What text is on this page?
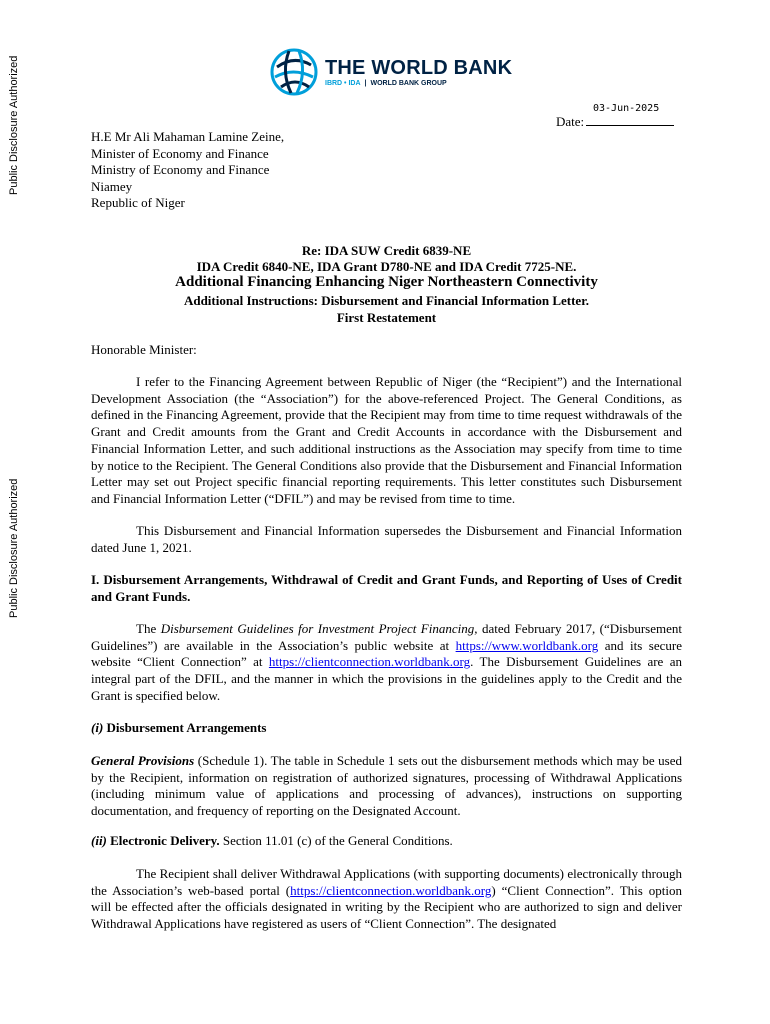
Public Disclosure Authorized
Public Disclosure Authorized
THE WORLD BANK
IBRD • IDA | WORLD BANK GROUP
03-Jun-2025
Date:
H.E Mr Ali Mahaman Lamine Zeine,
Minister of Economy and Finance
Ministry of Economy and Finance
Niamey
Republic of Niger
Re: IDA SUW Credit 6839-NE
IDA Credit 6840-NE, IDA Grant D780-NE and IDA Credit 7725-NE.
Additional Financing Enhancing Niger Northeastern Connectivity
Additional Instructions: Disbursement and Financial Information Letter.
First Restatement

Honorable Minister:

I refer to the Financing Agreement between Republic of Niger (the “Recipient”) and the International Development Association (the “Association”) for the above-referenced Project. The General Conditions, as defined in the Financing Agreement, provide that the Recipient may from time to time request withdrawals of the Grant and Credit amounts from the Grant and Credit Accounts in accordance with the Disbursement and Financial Information Letter, and such additional instructions as the Association may specify from time to time by notice to the Recipient. The General Conditions also provide that the Disbursement and Financial Information Letter may set out Project specific financial reporting requirements. This letter constitutes such Disbursement and Financial Information Letter (“DFIL”) and may be revised from time to time.

This Disbursement and Financial Information supersedes the Disbursement and Financial Information dated June 1, 2021.

I. Disbursement Arrangements, Withdrawal of Credit and Grant Funds, and Reporting of Uses of Credit and Grant Funds.

The Disbursement Guidelines for Investment Project Financing, dated February 2017, (“Disbursement Guidelines”) are available in the Association’s public website at https://www.worldbank.org and its secure website “Client Connection” at https://clientconnection.worldbank.org. The Disbursement Guidelines are an integral part of the DFIL, and the manner in which the provisions in the guidelines apply to the Credit and the Grant is specified below.

(i) Disbursement Arrangements

General Provisions (Schedule 1). The table in Schedule 1 sets out the disbursement methods which may be used by the Recipient, information on registration of authorized signatures, processing of Withdrawal Applications (including minimum value of applications and processing of advances), instructions on supporting documentation, and frequency of reporting on the Designated Account.

(ii) Electronic Delivery. Section 11.01 (c) of the General Conditions.

The Recipient shall deliver Withdrawal Applications (with supporting documents) electronically through the Association’s web-based portal (https://clientconnection.worldbank.org) “Client Connection”. This option will be effected after the officials designated in writing by the Recipient who are authorized to sign and deliver Withdrawal Applications have registered as users of “Client Connection”. The designated
